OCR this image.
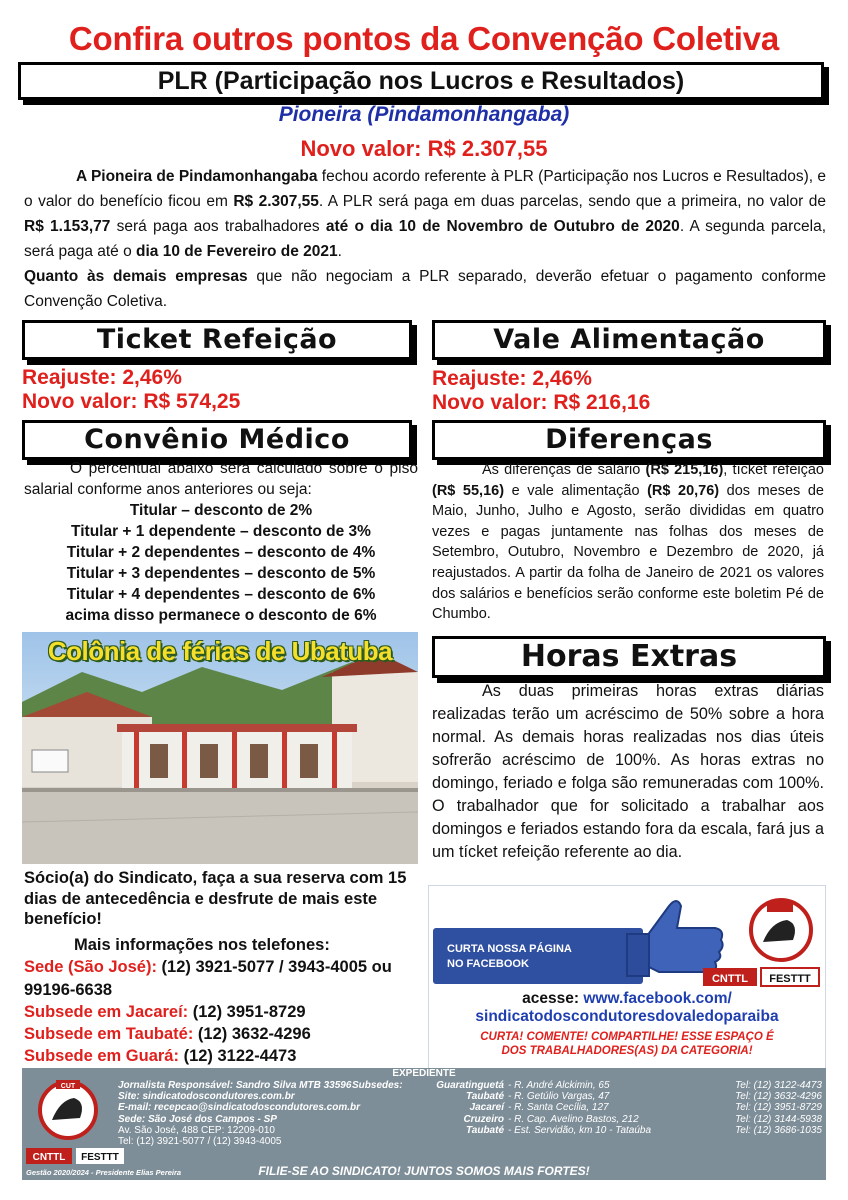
Confira outros pontos da Convenção Coletiva
PLR (Participação nos Lucros e Resultados)
Pioneira (Pindamonhangaba)
Novo valor: R$ 2.307,55

A Pioneira de Pindamonhangaba fechou acordo referente à PLR (Participação nos Lucros e Resultados), e o valor do benefício ficou em R$ 2.307,55. A PLR será paga em duas parcelas, sendo que a primeira, no valor de R$ 1.153,77 será paga aos trabalhadores até o dia 10 de Novembro de Outubro de 2020. A segunda parcela, será paga até o dia 10 de Fevereiro de 2021.

Quanto às demais empresas que não negociam a PLR separado, deverão efetuar o pagamento conforme Convenção Coletiva.

Ticket Refeição	Vale Alimentação
Reajuste: 2,46%
Novo valor: R$ 574,25
Reajuste: 2,46%
Novo valor: R$ 216,16
Convênio Médico	Diferenças

O percentual abaixo será calculado sobre o piso salarial conforme anos anteriores ou seja:

Titular – desconto de 2%
Titular + 1 dependente – desconto de 3%
Titular + 2 dependentes – desconto de 4%
Titular + 3 dependentes – desconto de 5%
Titular + 4 dependentes – desconto de 6%
acima disso permanece o desconto de 6%

As diferenças de salário (R$ 215,16), tícket refeição (R$ 55,16) e vale alimentação (R$ 20,76) dos meses de Maio, Junho, Julho e Agosto, serão divididas em quatro vezes e pagas juntamente nas folhas dos meses de Setembro, Outubro, Novembro e Dezembro de 2020, já reajustados. A partir da folha de Janeiro de 2021 os valores dos salários e benefícios serão conforme este boletim Pé de Chumbo.

Colônia de férias de Ubatuba	Horas Extras

As duas primeiras horas extras diárias realizadas terão um acréscimo de 50% sobre a hora normal. As demais horas realizadas nos dias úteis sofrerão acréscimo de 100%. As horas extras no domingo, feriado e folga são remuneradas com 100%. O trabalhador que for solicitado a trabalhar aos domingos e feriados estando fora da escala, fará jus a um tícket refeição referente ao dia.

Sócio(a) do Sindicato, faça a sua reserva com 15 dias de antecedência e desfrute de mais este benefício!
Mais informações nos telefones:
Sede (São José): (12) 3921-5077 / 3943-4005 ou 99196-6638
Subsede em Jacareí: (12) 3951-8729
Subsede em Taubaté: (12) 3632-4296
Subsede em Guará: (12) 3122-4473
CURTA NOSSA PÁGINA
NO FACEBOOK
CNTTL FESTTT
acesse: www.facebook.com/
sindicatodoscondutoresdovaledoparaiba
CURTA! COMENTE! COMPARTILHE! ESSE ESPAÇO É
DOS TRABALHADORES(AS) DA CATEGORIA!
EXPEDIENTE
CUT	Jornalista Responsável: Sandro Silva MTB 33596
Site: sindicatodoscondutores.com.br
E-mail: recepcao@sindicatodoscondutores.com.br
Sede: São José dos Campos - SP
Av. São José, 488 CEP: 12209-010
Tel: (12) 3921-5077 / (12) 3943-4005
Guaratinguetá - R. André Alckimin, 65	Tel: (12) 3122-4473
Taubaté - R. Getúlio Vargas, 47	Tel: (12) 3632-4296
Jacareí - R. Santa Cecília, 127	Tel: (12) 3951-8729
Cruzeiro - R. Cap. Avelino Bastos, 212	Tel: (12) 3144-5938
Taubaté - Est. Servidão, km 10 - Tataúba	Tel: (12) 3686-1035
Subsedes:
CNTTL FESTTT
Gestão 2020/2024 - Presidente Elias Pereira	FILIE-SE AO SINDICATO! JUNTOS SOMOS MAIS FORTES!
